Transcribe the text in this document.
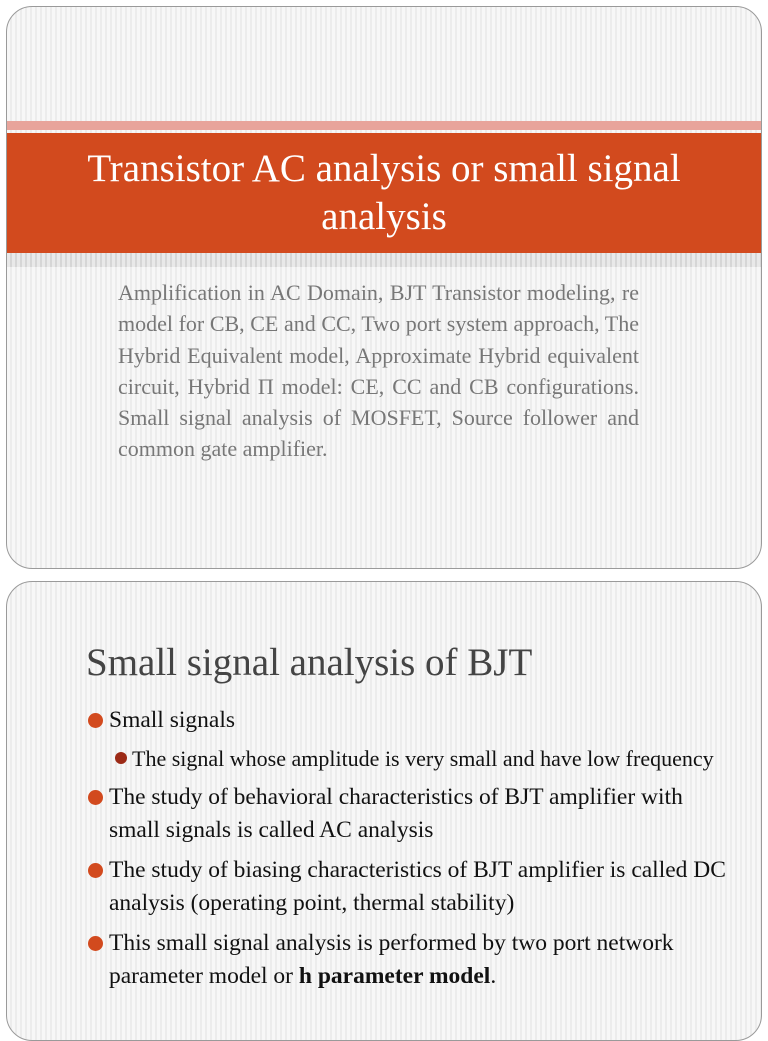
Transistor AC analysis or small signal analysis

Amplification in AC Domain, BJT Transistor modeling, re model for CB, CE and CC, Two port system approach, The Hybrid Equivalent model, Approximate Hybrid equivalent circuit, Hybrid Π model: CE, CC and CB configurations. Small signal analysis of MOSFET, Source follower and common gate amplifier.

Small signal analysis of BJT
Small signals
The signal whose amplitude is very small and have low frequency
The study of behavioral characteristics of BJT amplifier with small signals is called AC analysis
The study of biasing characteristics of BJT amplifier is called DC analysis (operating point, thermal stability)
This small signal analysis is performed by two port network parameter model or h parameter model.
